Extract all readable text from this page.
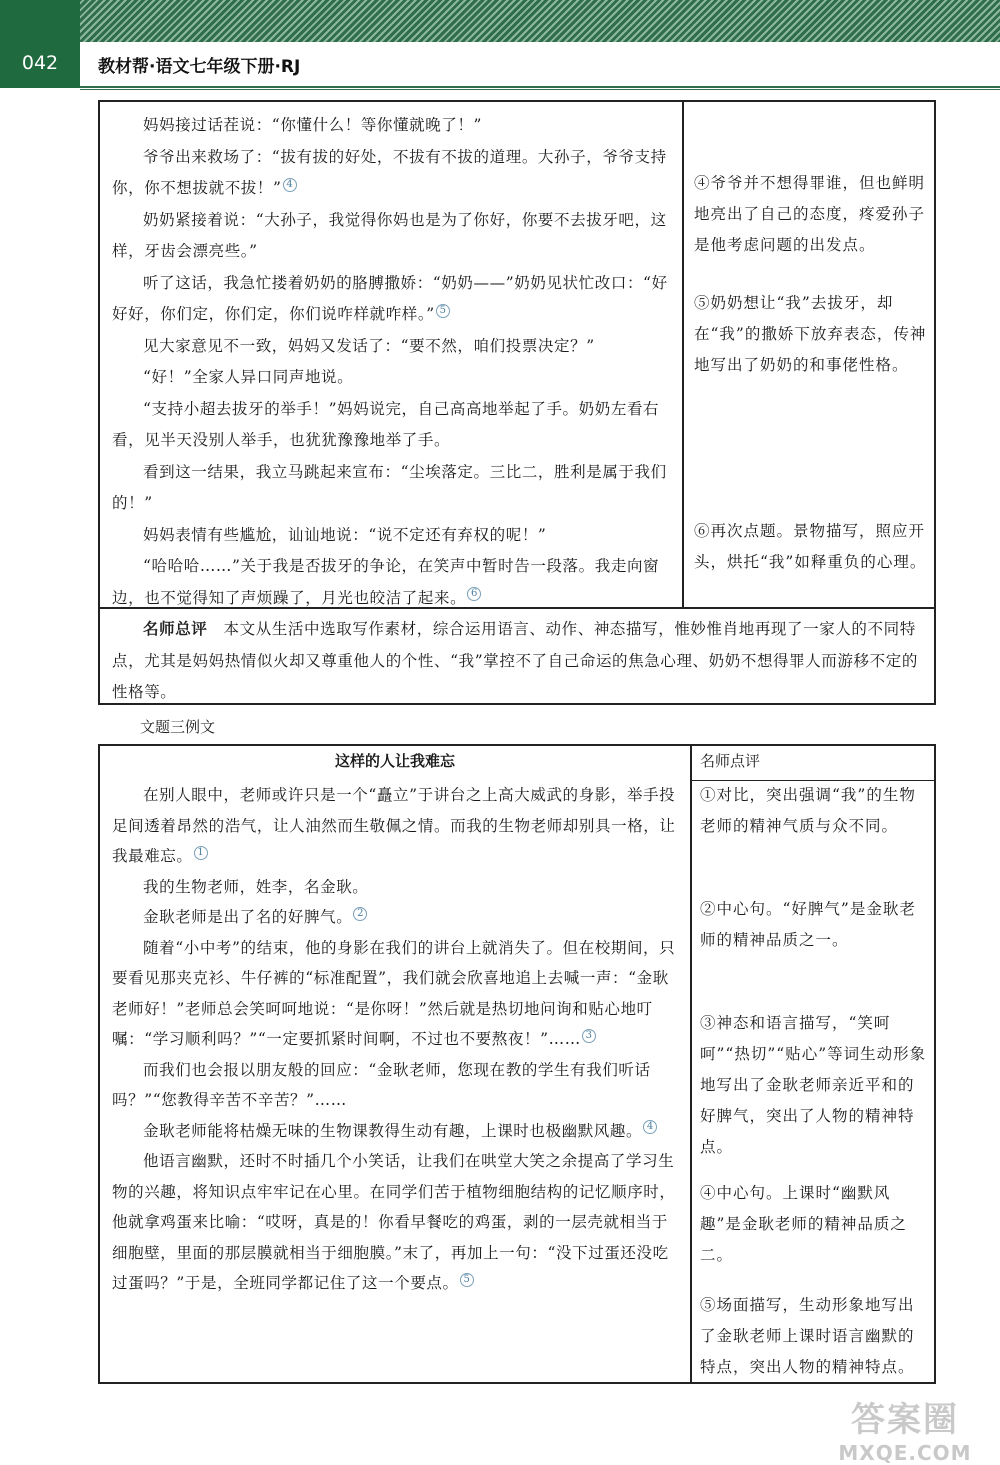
042	教材帮·语文七年级下册·RJ

妈妈接过话茬说：“你懂什么！等你懂就晚了！”

爷爷出来救场了：“拔有拔的好处，不拔有不拔的道理。大孙子，爷爷支持你，你不想拔就不拔！” 4

奶奶紧接着说：“大孙子，我觉得你妈也是为了你好，你要不去拔牙吧，这样，牙齿会漂亮些。”

听了这话，我急忙搂着奶奶的胳膊撒娇：“奶奶——”奶奶见状忙改口：“好好好，你们定，你们定，你们说咋样就咋样。” 5

见大家意见不一致，妈妈又发话了：“要不然，咱们投票决定？”

“好！”全家人异口同声地说。

“支持小超去拔牙的举手！”妈妈说完，自己高高地举起了手。奶奶左看右看，见半天没别人举手，也犹犹豫豫地举了手。

看到这一结果，我立马跳起来宣布：“尘埃落定。三比二，胜利是属于我们的！”

妈妈表情有些尴尬，讪讪地说：“说不定还有弃权的呢！”

“哈哈哈……”关于我是否拔牙的争论，在笑声中暂时告一段落。我走向窗边，也不觉得知了声烦躁了，月光也皎洁了起来。 6

④爷爷并不想得罪谁，但也鲜明地亮出了自己的态度，疼爱孙子是他考虑问题的出发点。
⑤奶奶想让“我”去拔牙，却在“我”的撒娇下放弃表态，传神地写出了奶奶的和事佬性格。
⑥再次点题。景物描写，照应开头，烘托“我”如释重负的心理。
名师总评　 本文从生活中选取写作素材，综合运用语言、动作、神态描写，惟妙惟肖地再现了一家人的不同特点，尤其是妈妈热情似火却又尊重他人的个性、“我”掌控不了自己命运的焦急心理、奶奶不想得罪人而游移不定的性格等。
文题三例文
这样的人让我难忘	名师点评

在别人眼中，老师或许只是一个“矗立”于讲台之上高大威武的身影，举手投足间透着昂然的浩气，让人油然而生敬佩之情。而我的生物老师却别具一格，让我最难忘。 1

我的生物老师，姓李，名金耿。

金耿老师是出了名的好脾气。 2

随着“小中考”的结束，他的身影在我们的讲台上就消失了。但在校期间，只要看见那夹克衫、牛仔裤的“标准配置”，我们就会欣喜地追上去喊一声：“金耿老师好！”老师总会笑呵呵地说：“是你呀！”然后就是热切地问询和贴心地叮嘱：“学习顺利吗？”“一定要抓紧时间啊，不过也不要熬夜！”…… 3

而我们也会报以朋友般的回应：“金耿老师，您现在教的学生有我们听话吗？”“您教得辛苦不辛苦？”……

金耿老师能将枯燥无味的生物课教得生动有趣，上课时也极幽默风趣。 4

他语言幽默，还时不时插几个小笑话，让我们在哄堂大笑之余提高了学习生物的兴趣，将知识点牢牢记在心里。在同学们苦于植物细胞结构的记忆顺序时，他就拿鸡蛋来比喻：“哎呀，真是的！你看早餐吃的鸡蛋，剥的一层壳就相当于细胞壁，里面的那层膜就相当于细胞膜。”末了，再加上一句：“没下过蛋还没吃过蛋吗？”于是，全班同学都记住了这一个要点。 5

①对比，突出强调“我”的生物老师的精神气质与众不同。
②中心句。“好脾气”是金耿老师的精神品质之一。
③神态和语言描写，“笑呵呵”“热切”“贴心”等词生动形象地写出了金耿老师亲近平和的好脾气，突出了人物的精神特点。
④中心句。上课时“幽默风趣”是金耿老师的精神品质之二。
⑤场面描写，生动形象地写出了金耿老师上课时语言幽默的特点，突出人物的精神特点。
答案圈
MXQE.COM
